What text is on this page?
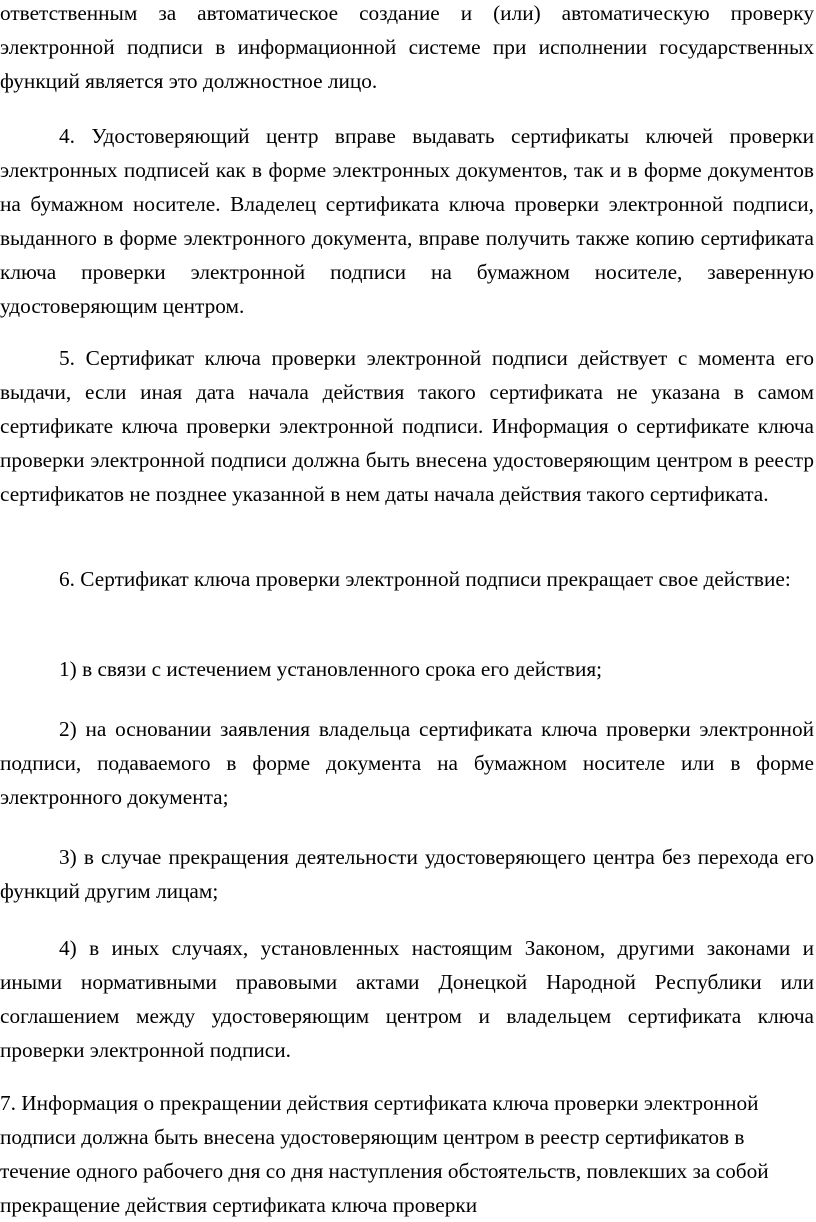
ответственным за автоматическое создание и (или) автоматическую проверку электронной подписи в информационной системе при исполнении государственных функций является это должностное лицо.

4. Удостоверяющий центр вправе выдавать сертификаты ключей проверки электронных подписей как в форме электронных документов, так и в форме документов на бумажном носителе. Владелец сертификата ключа проверки электронной подписи, выданного в форме электронного документа, вправе получить также копию сертификата ключа проверки электронной подписи на бумажном носителе, заверенную удостоверяющим центром.

5. Сертификат ключа проверки электронной подписи действует с момента его выдачи, если иная дата начала действия такого сертификата не указана в самом сертификате ключа проверки электронной подписи. Информация о сертификате ключа проверки электронной подписи должна быть внесена удостоверяющим центром в реестр сертификатов не позднее указанной в нем даты начала действия такого сертификата.

6. Сертификат ключа проверки электронной подписи прекращает свое действие:

1) в связи с истечением установленного срока его действия;

2) на основании заявления владельца сертификата ключа проверки электронной подписи, подаваемого в форме документа на бумажном носителе или в форме электронного документа;

3) в случае прекращения деятельности удостоверяющего центра без перехода его функций другим лицам;

4) в иных случаях, установленных настоящим Законом, другими законами и иными нормативными правовыми актами Донецкой Народной Республики или соглашением между удостоверяющим центром и владельцем сертификата ключа проверки электронной подписи.

7. Информация о прекращении действия сертификата ключа проверки электронной подписи должна быть внесена удостоверяющим центром в реестр сертификатов в течение одного рабочего дня со дня наступления обстоятельств, повлекших за собой прекращение действия сертификата ключа проверки
